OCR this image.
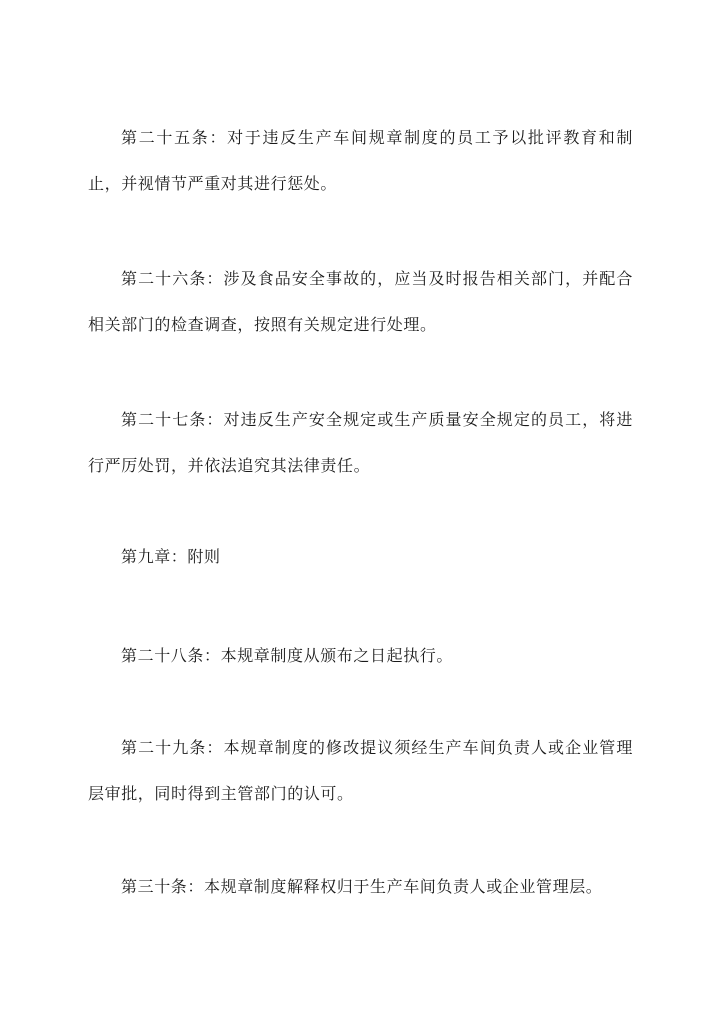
第二十五条：对于违反生产车间规章制度的员工予以批评教育和制止，并视情节严重对其进行惩处。

第二十六条：涉及食品安全事故的，应当及时报告相关部门，并配合相关部门的检查调查，按照有关规定进行处理。

第二十七条：对违反生产安全规定或生产质量安全规定的员工，将进行严厉处罚，并依法追究其法律责任。

第九章：附则

第二十八条：本规章制度从颁布之日起执行。

第二十九条：本规章制度的修改提议须经生产车间负责人或企业管理层审批，同时得到主管部门的认可。

第三十条：本规章制度解释权归于生产车间负责人或企业管理层。
